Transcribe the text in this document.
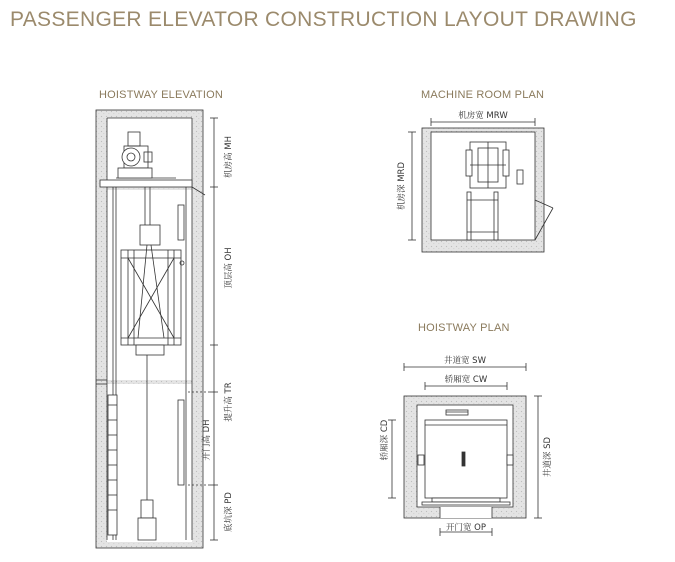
PASSENGER ELEVATOR CONSTRUCTION LAYOUT DRAWING
HOISTWAY ELEVATION	MACHINE ROOM PLAN
HOISTWAY PLAN
机房高 MH
顶层高 OH
提升高 TR
开门高 DH
底坑深 PD
机房宽 MRW
机房深 MRD
井道宽 SW
轿厢宽 CW
轿厢深 CD	井道深 SD
开门宽 OP
